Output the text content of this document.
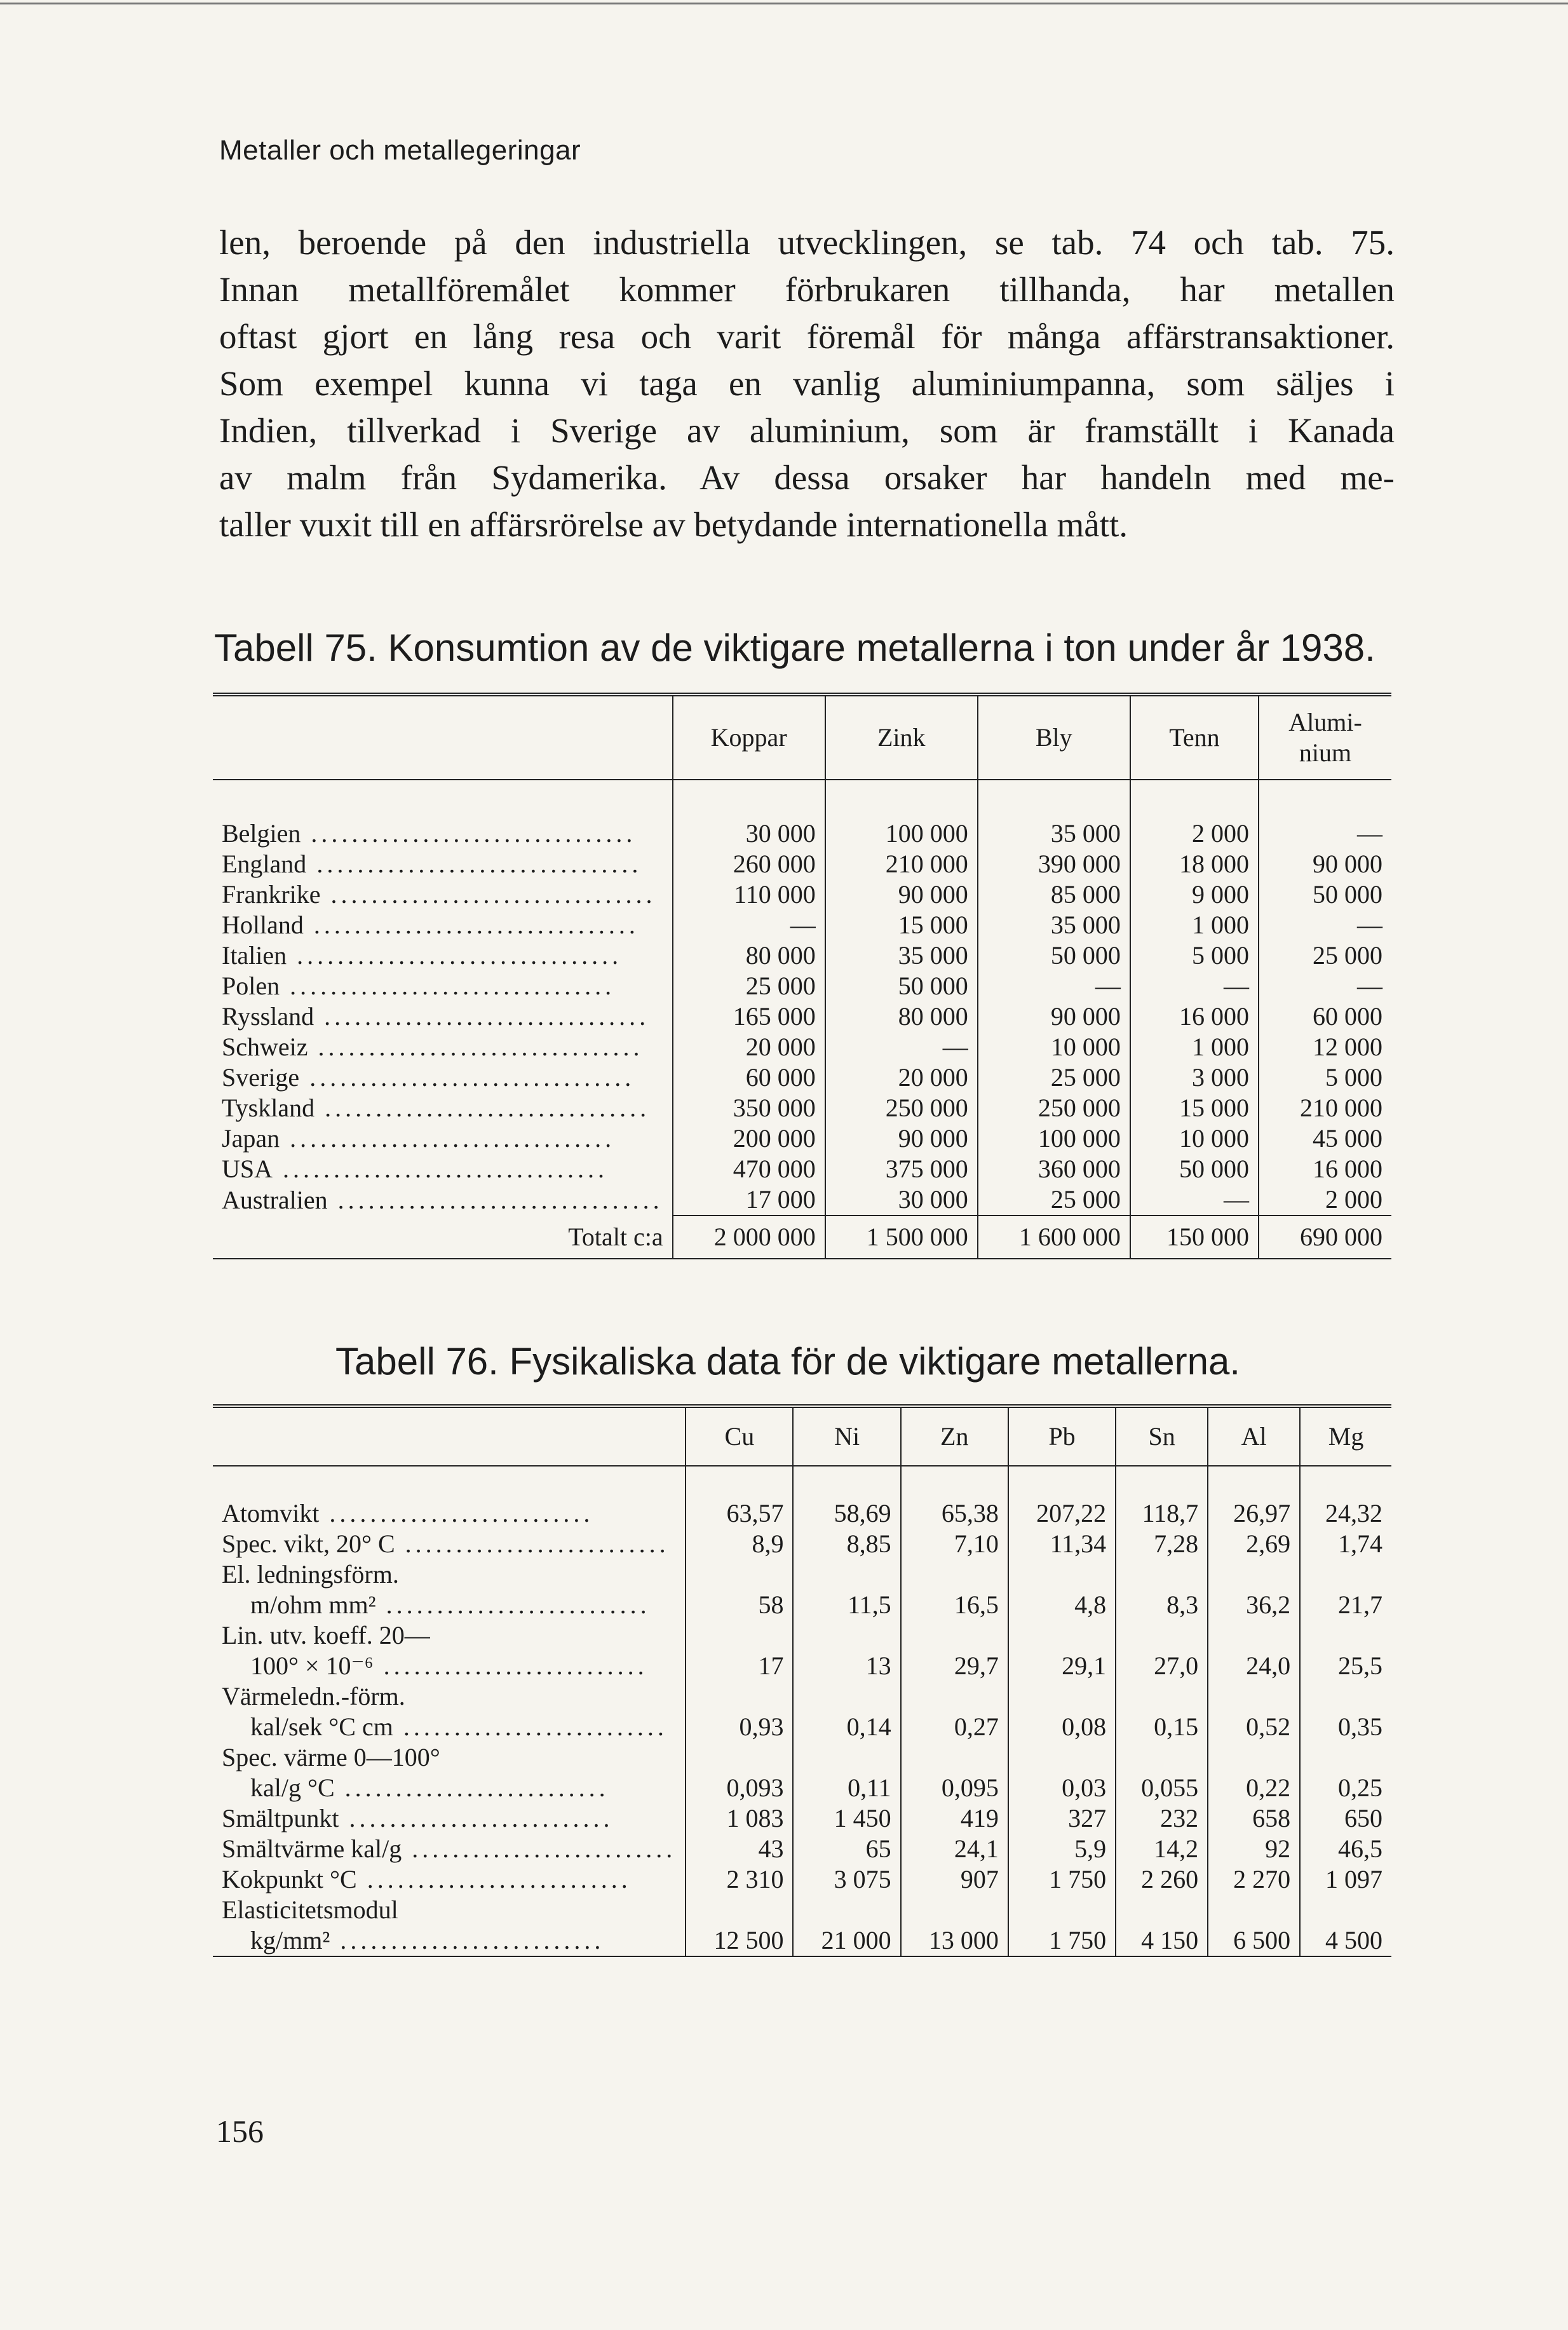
Metaller och metallegeringar
len, beroende på den industriella utvecklingen, se tab. 74 och tab. 75.
Innan metallföremålet kommer förbrukaren tillhanda, har metallen
oftast gjort en lång resa och varit föremål för många affärstransaktioner.
Som exempel kunna vi taga en vanlig aluminiumpanna, som säljes i
Indien, tillverkad i Sverige av aluminium, som är framställt i Kanada
av malm från Sydamerika. Av dessa orsaker har handeln med me-
taller vuxit till en affärsrörelse av betydande internationella mått.
Tabell 75. Konsumtion av de viktigare metallerna i ton under år 1938.
	Koppar	Zink	Bly	Tenn	Alumi- nium
Belgien ................................	30 000	100 000	35 000	2 000	—
England ................................	260 000	210 000	390 000	18 000	90 000
Frankrike ................................	110 000	90 000	85 000	9 000	50 000
Holland ................................	—	15 000	35 000	1 000	—
Italien ................................	80 000	35 000	50 000	5 000	25 000
Polen ................................	25 000	50 000	—	—	—
Ryssland ................................	165 000	80 000	90 000	16 000	60 000
Schweiz ................................	20 000	—	10 000	1 000	12 000
Sverige ................................	60 000	20 000	25 000	3 000	5 000
Tyskland ................................	350 000	250 000	250 000	15 000	210 000
Japan ................................	200 000	90 000	100 000	10 000	45 000
USA ................................	470 000	375 000	360 000	50 000	16 000
Australien ................................	17 000	30 000	25 000	—	2 000
Totalt c:a	2 000 000	1 500 000	1 600 000	150 000	690 000
Tabell 76. Fysikaliska data för de viktigare metallerna.
	Cu	Ni	Zn	Pb	Sn	Al	Mg
Atomvikt ..........................	63,57	58,69	65,38	207,22	118,7	26,97	24,32
Spec. vikt, 20° C ..........................	8,9	8,85	7,10	11,34	7,28	2,69	1,74
El. ledningsförm.							
m/ohm mm² ..........................	58	11,5	16,5	4,8	8,3	36,2	21,7
Lin. utv. koeff. 20—							
100° × 10⁻⁶ ..........................	17	13	29,7	29,1	27,0	24,0	25,5
Värmeledn.-förm.							
kal/sek °C cm ..........................	0,93	0,14	0,27	0,08	0,15	0,52	0,35
Spec. värme 0—100°							
kal/g °C ..........................	0,093	0,11	0,095	0,03	0,055	0,22	0,25
Smältpunkt ..........................	1 083	1 450	419	327	232	658	650
Smältvärme kal/g ..........................	43	65	24,1	5,9	14,2	92	46,5
Kokpunkt °C ..........................	2 310	3 075	907	1 750	2 260	2 270	1 097
Elasticitetsmodul							
kg/mm² ..........................	12 500	21 000	13 000	1 750	4 150	6 500	4 500
156
